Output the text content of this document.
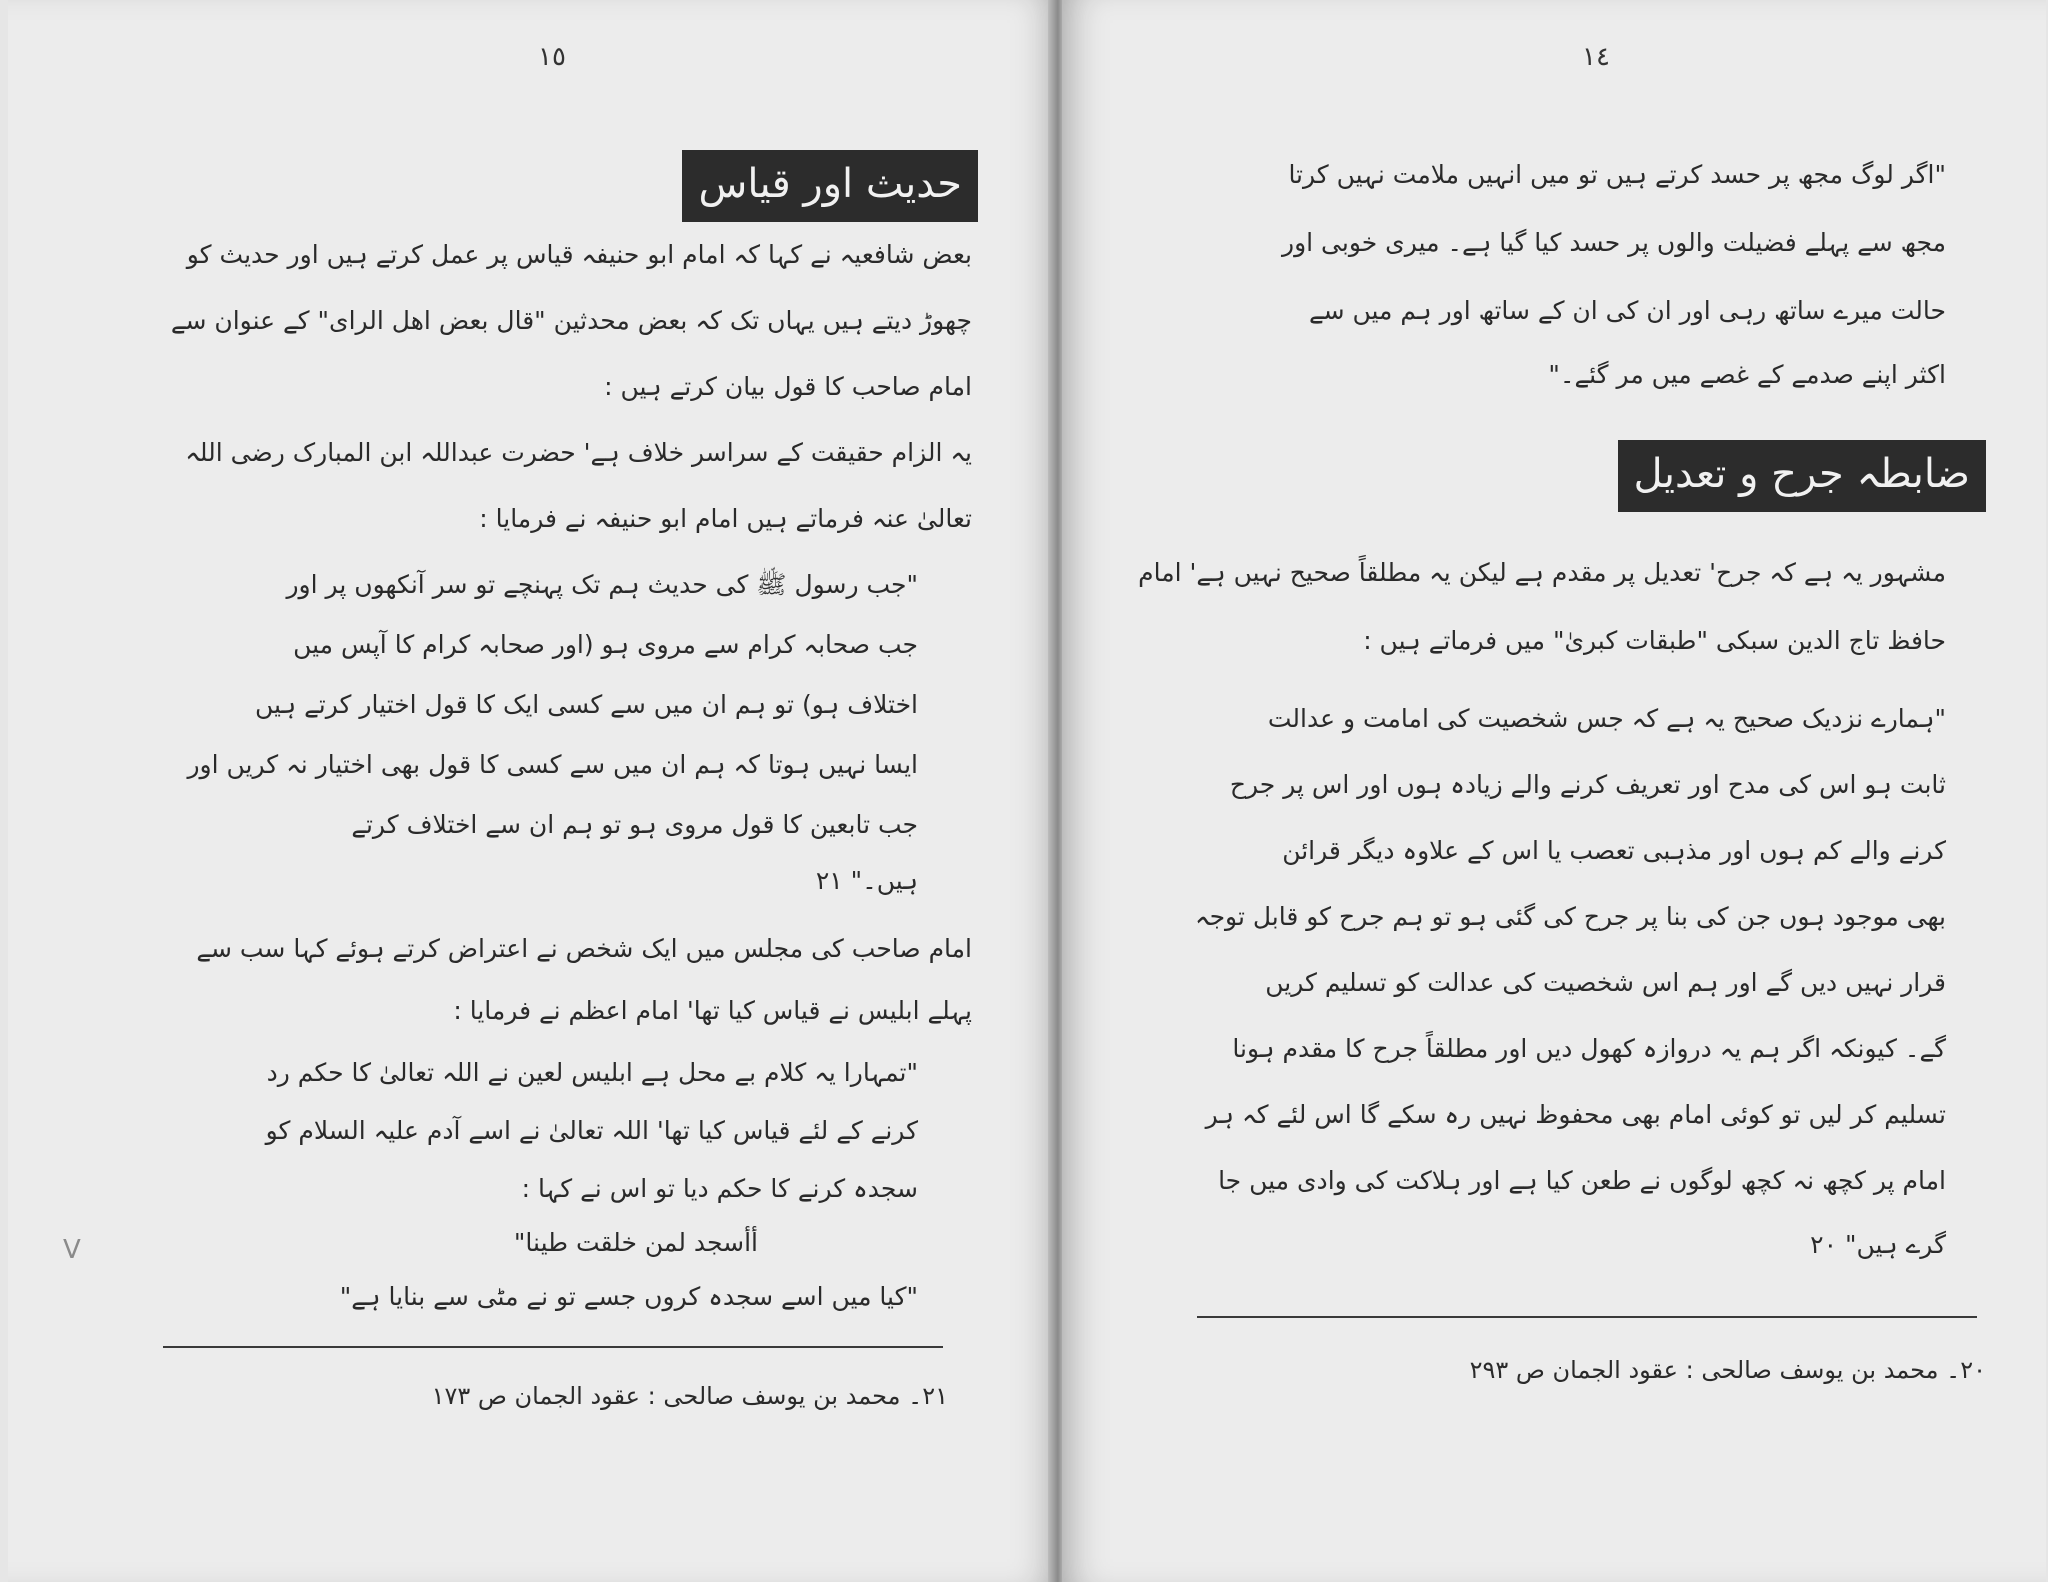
١٥
حدیث اور قیاس
بعض شافعیہ نے کہا کہ امام ابو حنیفہ قیاس پر عمل کرتے ہیں اور حدیث کو
چھوڑ دیتے ہیں یہاں تک کہ بعض محدثین "قال بعض اھل الرای" کے عنوان سے
امام صاحب کا قول بیان کرتے ہیں :
یہ الزام حقیقت کے سراسر خلاف ہے' حضرت عبداللہ ابن المبارک رضی اللہ
تعالیٰ عنہ فرماتے ہیں امام ابو حنیفہ نے فرمایا :
"جب رسول ﷺ کی حدیث ہم تک پہنچے تو سر آنکھوں پر اور
جب صحابہ کرام سے مروی ہو (اور صحابہ کرام کا آپس میں
اختلاف ہو) تو ہم ان میں سے کسی ایک کا قول اختیار کرتے ہیں
ایسا نہیں ہوتا کہ ہم ان میں سے کسی کا قول بھی اختیار نہ کریں اور
جب تابعین کا قول مروی ہو تو ہم ان سے اختلاف کرتے
ہیں۔" ٢١
امام صاحب کی مجلس میں ایک شخص نے اعتراض کرتے ہوئے کہا سب سے
پہلے ابلیس نے قیاس کیا تھا' امام اعظم نے فرمایا :
"تمہارا یہ کلام بے محل ہے ابلیس لعین نے اللہ تعالیٰ کا حکم رد
کرنے کے لئے قیاس کیا تھا' اللہ تعالیٰ نے اسے آدم علیہ السلام کو
سجدہ کرنے کا حکم دیا تو اس نے کہا :
أأسجد لمن خلقت طینا"
"کیا میں اسے سجدہ کروں جسے تو نے مٹی سے بنایا ہے"
٢١۔ محمد بن یوسف صالحی : عقود الجمان ص ١٧٣
V
١٤
"اگر لوگ مجھ پر حسد کرتے ہیں تو میں انہیں ملامت نہیں کرتا
مجھ سے پہلے فضیلت والوں پر حسد کیا گیا ہے۔ میری خوبی اور
حالت میرے ساتھ رہی اور ان کی ان کے ساتھ اور ہم میں سے
اکثر اپنے صدمے کے غصے میں مر گئے۔"
ضابطہ جرح و تعدیل
مشہور یہ ہے کہ جرح' تعدیل پر مقدم ہے لیکن یہ مطلقاً صحیح نہیں ہے' امام
حافظ تاج الدین سبکی "طبقات کبریٰ" میں فرماتے ہیں :
"ہمارے نزدیک صحیح یہ ہے کہ جس شخصیت کی امامت و عدالت
ثابت ہو اس کی مدح اور تعریف کرنے والے زیادہ ہوں اور اس پر جرح
کرنے والے کم ہوں اور مذہبی تعصب یا اس کے علاوہ دیگر قرائن
بھی موجود ہوں جن کی بنا پر جرح کی گئی ہو تو ہم جرح کو قابل توجہ
قرار نہیں دیں گے اور ہم اس شخصیت کی عدالت کو تسلیم کریں
گے۔ کیونکہ اگر ہم یہ دروازہ کھول دیں اور مطلقاً جرح کا مقدم ہونا
تسلیم کر لیں تو کوئی امام بھی محفوظ نہیں رہ سکے گا اس لئے کہ ہر
امام پر کچھ نہ کچھ لوگوں نے طعن کیا ہے اور ہلاکت کی وادی میں جا
گرے ہیں" ٢٠
٢٠۔ محمد بن یوسف صالحی : عقود الجمان ص ٢٩٣
